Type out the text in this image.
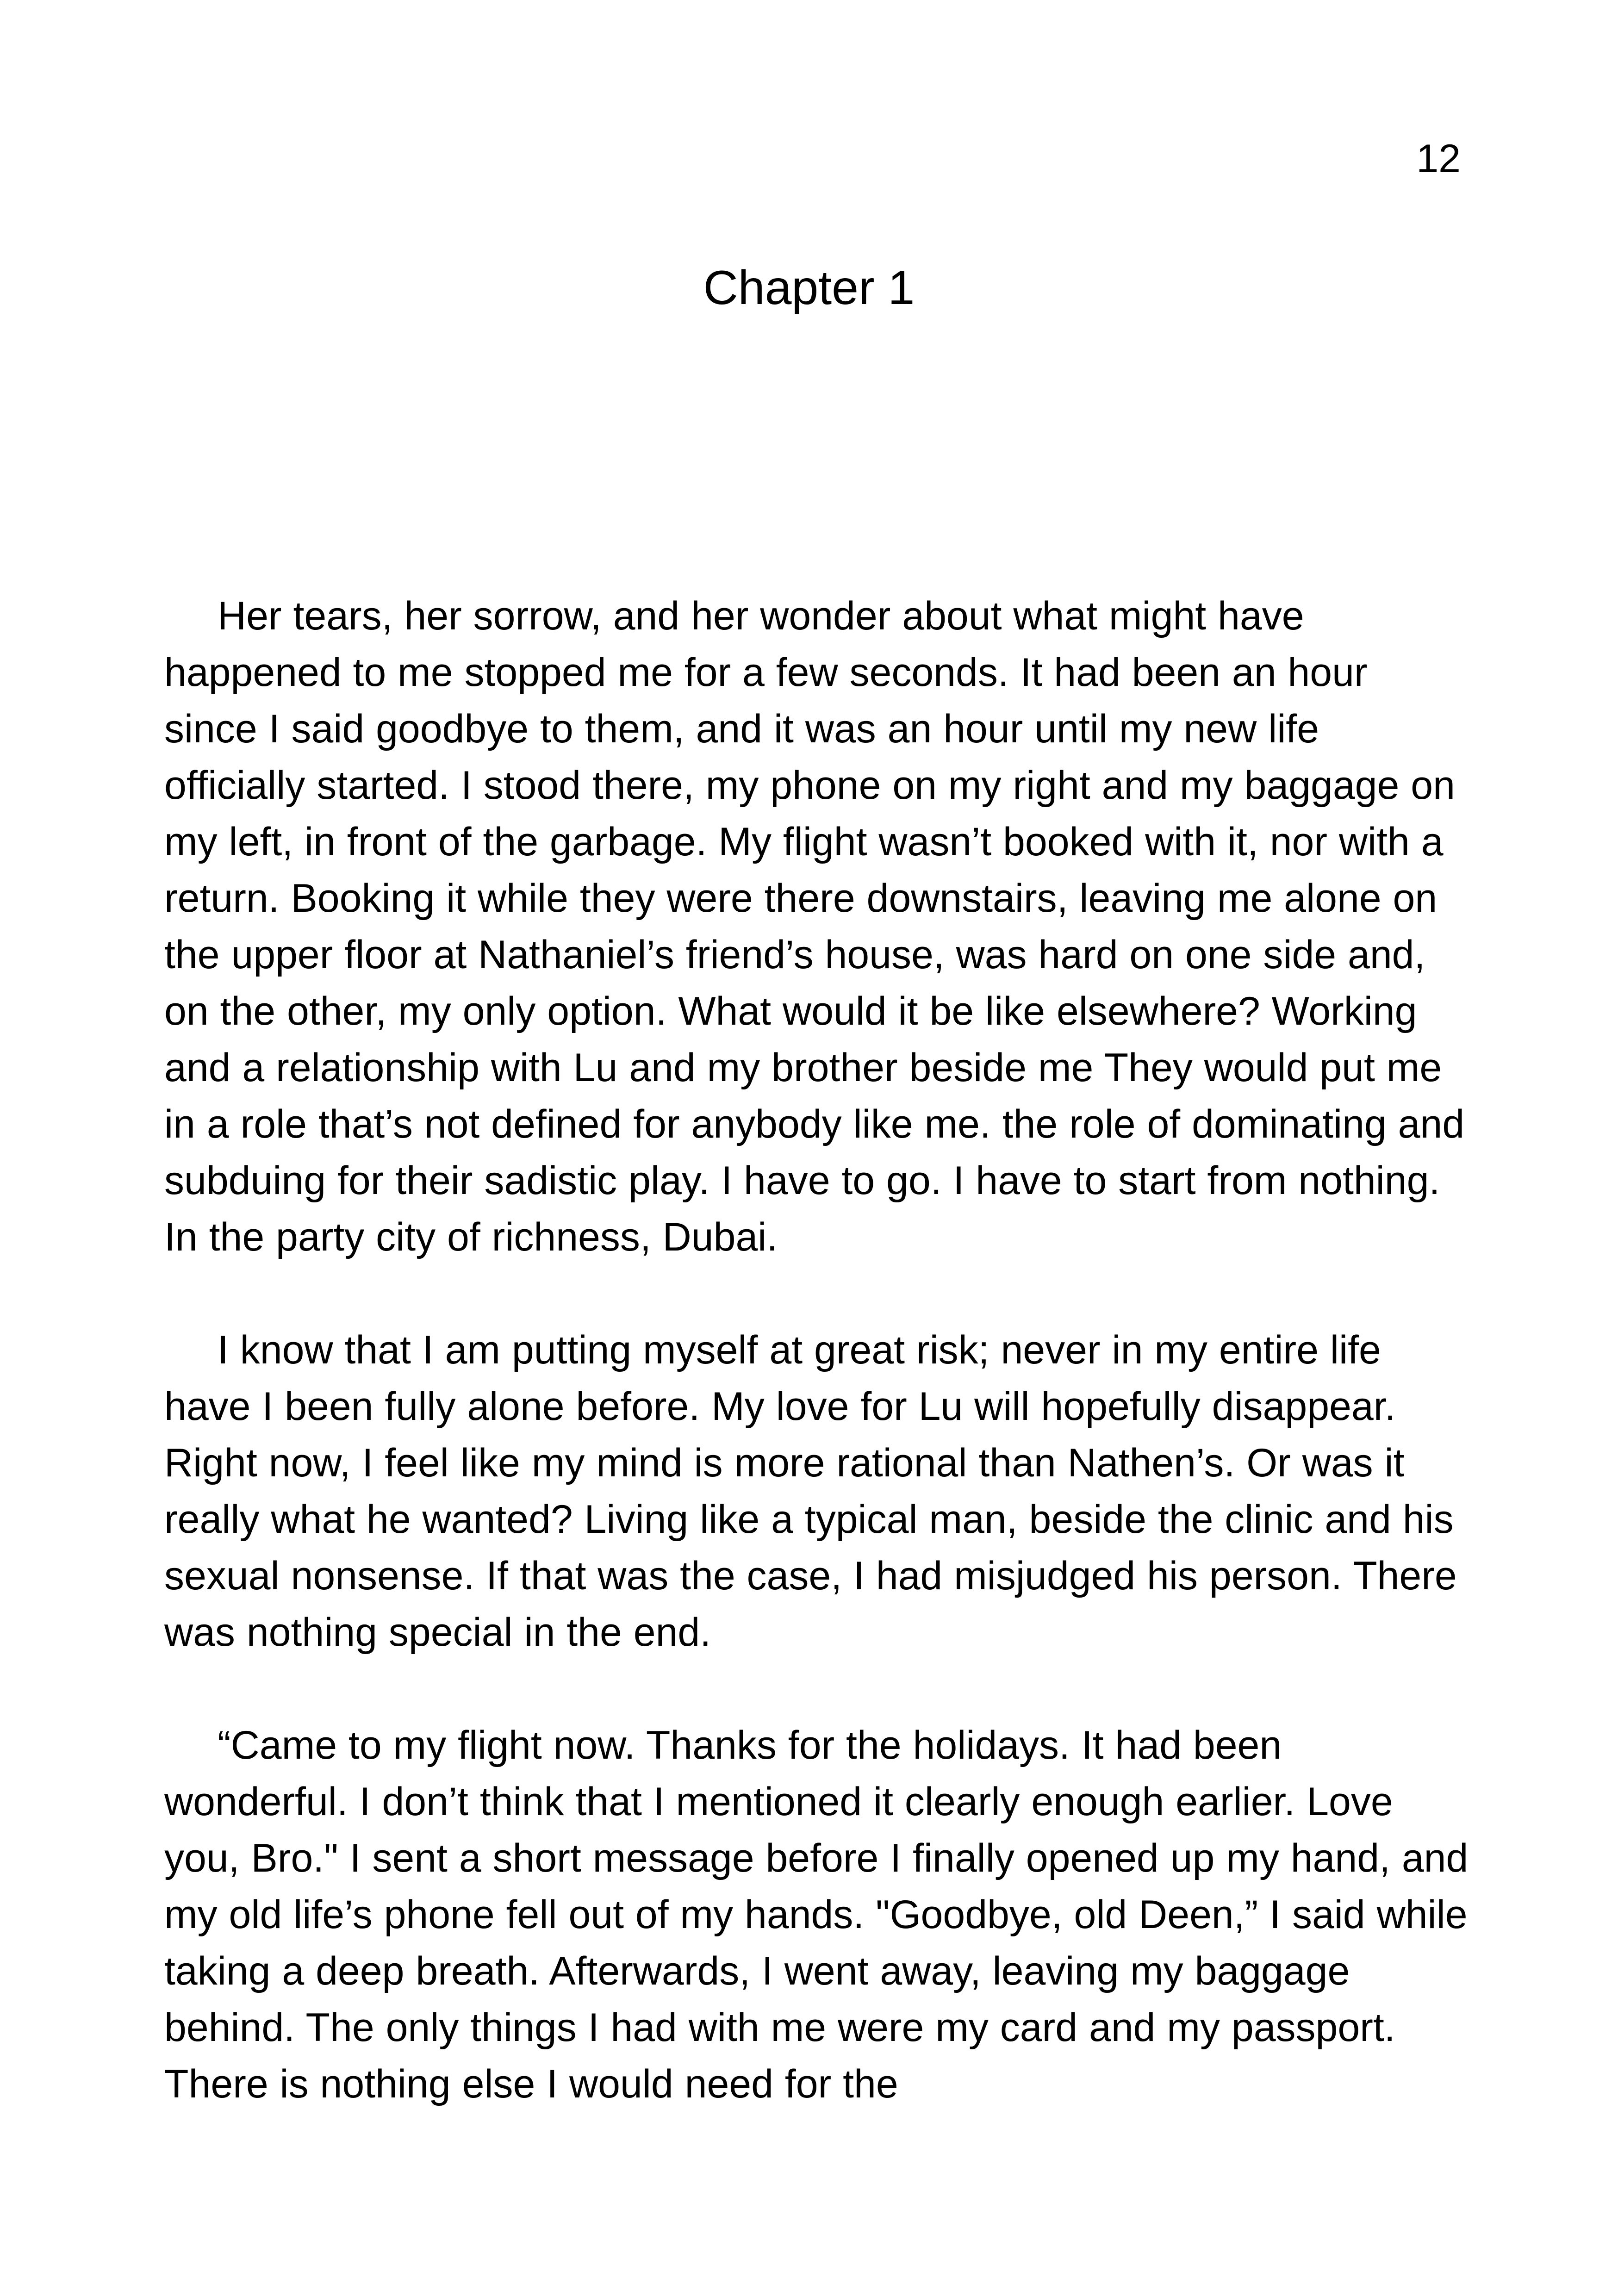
12
Chapter 1

Her tears, her sorrow, and her wonder about what might have happened to me stopped me for a few seconds. It had been an hour since I said goodbye to them, and it was an hour until my new life officially started. I stood there, my phone on my right and my baggage on my left, in front of the garbage. My flight wasn’t booked with it, nor with a return. Booking it while they were there downstairs, leaving me alone on the upper floor at Nathaniel’s friend’s house, was hard on one side and, on the other, my only option. What would it be like elsewhere? Working and a relationship with Lu and my brother beside me They would put me in a role that’s not defined for anybody like me. the role of dominating and subduing for their sadistic play. I have to go. I have to start from nothing. In the party city of richness, Dubai.

I know that I am putting myself at great risk; never in my entire life have I been fully alone before. My love for Lu will hopefully disappear. Right now, I feel like my mind is more rational than Nathen’s. Or was it really what he wanted? Living like a typical man, beside the clinic and his sexual nonsense. If that was the case, I had misjudged his person. There was nothing special in the end.

“Came to my flight now. Thanks for the holidays. It had been wonderful. I don’t think that I mentioned it clearly enough earlier. Love you, Bro." I sent a short message before I finally opened up my hand, and my old life’s phone fell out of my hands. "Goodbye, old Deen,” I said while taking a deep breath. Afterwards, I went away, leaving my baggage behind. The only things I had with me were my card and my passport. There is nothing else I would need for the
